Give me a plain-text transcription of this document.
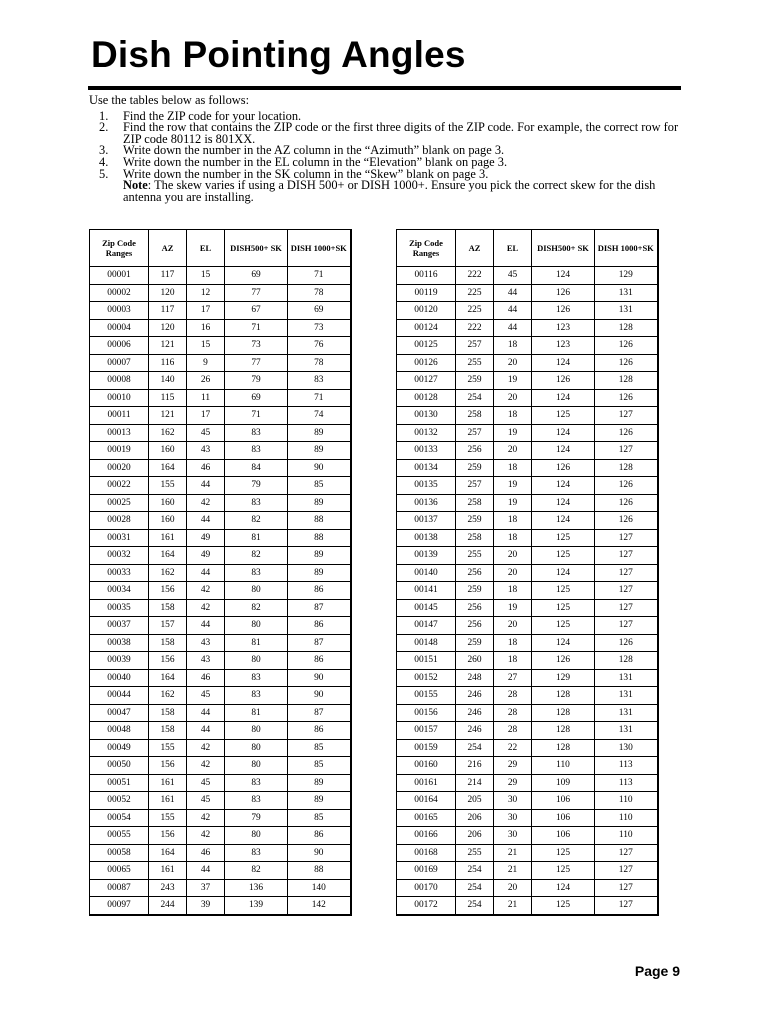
Dish Pointing Angles

Use the tables below as follows:

1. Find the ZIP code for your location.
2. Find the row that contains the ZIP code or the first three digits of the ZIP code. For example, the correct row for ZIP code 80112 is 801XX.
3. Write down the number in the AZ column in the “Azimuth” blank on page 3.
4. Write down the number in the EL column in the “Elevation” blank on page 3.
5. Write down the number in the SK column in the “Skew” blank on page 3.
Note: The skew varies if using a DISH 500+ or DISH 1000+. Ensure you pick the correct skew for the dish antenna you are installing.
Zip Code Ranges	AZ	EL	DISH500+ SK	DISH 1000+SK
00001	117	15	69	71
00002	120	12	77	78
00003	117	17	67	69
00004	120	16	71	73
00006	121	15	73	76
00007	116	9	77	78
00008	140	26	79	83
00010	115	11	69	71
00011	121	17	71	74
00013	162	45	83	89
00019	160	43	83	89
00020	164	46	84	90
00022	155	44	79	85
00025	160	42	83	89
00028	160	44	82	88
00031	161	49	81	88
00032	164	49	82	89
00033	162	44	83	89
00034	156	42	80	86
00035	158	42	82	87
00037	157	44	80	86
00038	158	43	81	87
00039	156	43	80	86
00040	164	46	83	90
00044	162	45	83	90
00047	158	44	81	87
00048	158	44	80	86
00049	155	42	80	85
00050	156	42	80	85
00051	161	45	83	89
00052	161	45	83	89
00054	155	42	79	85
00055	156	42	80	86
00058	164	46	83	90
00065	161	44	82	88
00087	243	37	136	140
00097	244	39	139	142
Zip Code Ranges	AZ	EL	DISH500+ SK	DISH 1000+SK
00116	222	45	124	129
00119	225	44	126	131
00120	225	44	126	131
00124	222	44	123	128
00125	257	18	123	126
00126	255	20	124	126
00127	259	19	126	128
00128	254	20	124	126
00130	258	18	125	127
00132	257	19	124	126
00133	256	20	124	127
00134	259	18	126	128
00135	257	19	124	126
00136	258	19	124	126
00137	259	18	124	126
00138	258	18	125	127
00139	255	20	125	127
00140	256	20	124	127
00141	259	18	125	127
00145	256	19	125	127
00147	256	20	125	127
00148	259	18	124	126
00151	260	18	126	128
00152	248	27	129	131
00155	246	28	128	131
00156	246	28	128	131
00157	246	28	128	131
00159	254	22	128	130
00160	216	29	110	113
00161	214	29	109	113
00164	205	30	106	110
00165	206	30	106	110
00166	206	30	106	110
00168	255	21	125	127
00169	254	21	125	127
00170	254	20	124	127
00172	254	21	125	127
Page 9
